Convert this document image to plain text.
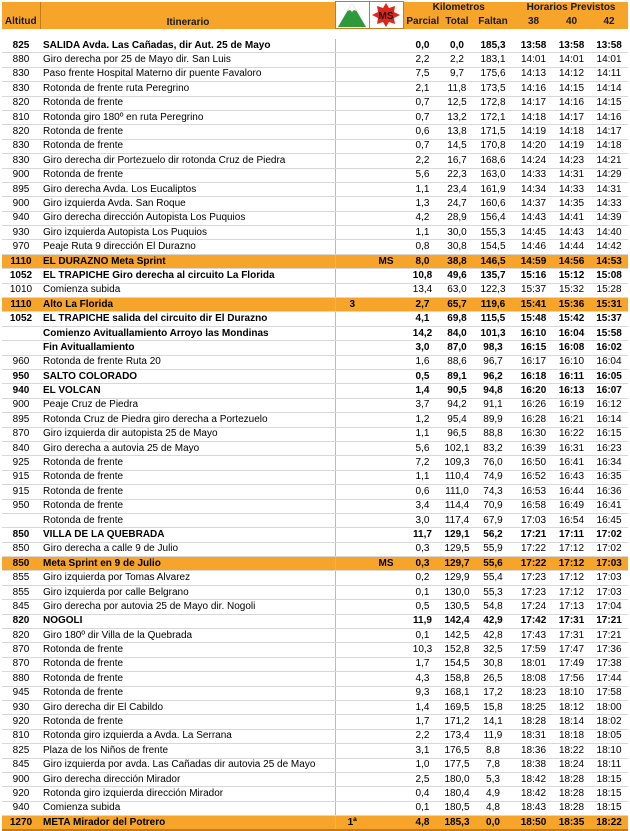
	Itinerario		MS	Kilometros			Horarios Previstos		
Altitud				Parcial	Total	Faltan	38	40	42

825	SALIDA Avda. Las Cañadas, dir Aut. 25 de Mayo			0,0	0,0	185,3	13:58	13:58	13:58
880	Giro derecha por 25 de Mayo dir. San Luis			2,2	2,2	183,1	14:01	14:01	14:01
830	Paso frente Hospital Materno dir puente Favaloro			7,5	9,7	175,6	14:13	14:12	14:11
830	Rotonda de frente ruta Peregrino			2,1	11,8	173,5	14:16	14:15	14:14
820	Rotonda de frente			0,7	12,5	172,8	14:17	14:16	14:15
810	Rotonda giro 180º en ruta Peregrino			0,7	13,2	172,1	14:18	14:17	14:16
820	Rotonda de frente			0,6	13,8	171,5	14:19	14:18	14:17
830	Rotonda de frente			0,7	14,5	170,8	14:20	14:19	14:18
830	Giro derecha dir Portezuelo dir rotonda Cruz de Piedra			2,2	16,7	168,6	14:24	14:23	14:21
900	Rotonda de frente			5,6	22,3	163,0	14:33	14:31	14:29
895	Giro derecha Avda. Los Eucaliptos			1,1	23,4	161,9	14:34	14:33	14:31
900	Giro izquierda Avda. San Roque			1,3	24,7	160,6	14:37	14:35	14:33
940	Giro derecha dirección Autopista Los Puquios			4,2	28,9	156,4	14:43	14:41	14:39
930	Giro izquierda Autopista Los Puquios			1,1	30,0	155,3	14:45	14:43	14:40
970	Peaje Ruta 9 dirección El Durazno			0,8	30,8	154,5	14:46	14:44	14:42
1110	EL DURAZNO Meta Sprint		MS	8,0	38,8	146,5	14:59	14:56	14:53
1052	EL TRAPICHE Giro derecha al circuito La Florida			10,8	49,6	135,7	15:16	15:12	15:08
1010	Comienza subida			13,4	63,0	122,3	15:37	15:32	15:28
1110	Alto La Florida	3		2,7	65,7	119,6	15:41	15:36	15:31
1052	EL TRAPICHE salida del circuito dir El Durazno			4,1	69,8	115,5	15:48	15:42	15:37
	Comienzo Avituallamiento Arroyo las Mondinas			14,2	84,0	101,3	16:10	16:04	15:58
	Fin Avituallamiento			3,0	87,0	98,3	16:15	16:08	16:02
960	Rotonda de frente Ruta 20			1,6	88,6	96,7	16:17	16:10	16:04
950	SALTO COLORADO			0,5	89,1	96,2	16:18	16:11	16:05
940	EL VOLCAN			1,4	90,5	94,8	16:20	16:13	16:07
900	Peaje Cruz de Piedra			3,7	94,2	91,1	16:26	16:19	16:12
895	Rotonda Cruz de Piedra giro derecha a Portezuelo			1,2	95,4	89,9	16:28	16:21	16:14
870	Giro izquierda dir autopista 25 de Mayo			1,1	96,5	88,8	16:30	16:22	16:15
840	Giro derecha a autovia 25 de Mayo			5,6	102,1	83,2	16:39	16:31	16:23
925	Rotonda de frente			7,2	109,3	76,0	16:50	16:41	16:34
915	Rotonda de frente			1,1	110,4	74,9	16:52	16:43	16:35
915	Rotonda de frente			0,6	111,0	74,3	16:53	16:44	16:36
950	Rotonda de frente			3,4	114,4	70,9	16:58	16:49	16:41
	Rotonda de frente			3,0	117,4	67,9	17:03	16:54	16:45
850	VILLA DE LA QUEBRADA			11,7	129,1	56,2	17:21	17:11	17:02
850	Giro derecha a calle 9 de Julio			0,3	129,5	55,9	17:22	17:12	17:02
850	Meta Sprint en 9 de Julio		MS	0,3	129,7	55,6	17:22	17:12	17:03
855	Giro izquierda por Tomas Alvarez			0,2	129,9	55,4	17:23	17:12	17:03
855	Giro izquierda por calle Belgrano			0,1	130,0	55,3	17:23	17:12	17:03
845	Giro derecha por autovia 25 de Mayo dir. Nogoli			0,5	130,5	54,8	17:24	17:13	17:04
820	NOGOLI			11,9	142,4	42,9	17:42	17:31	17:21
820	Giro 180º dir Villa de la Quebrada			0,1	142,5	42,8	17:43	17:31	17:21
870	Rotonda de frente			10,3	152,8	32,5	17:59	17:47	17:36
870	Rotonda de frente			1,7	154,5	30,8	18:01	17:49	17:38
880	Rotonda de frente			4,3	158,8	26,5	18:08	17:56	17:44
945	Rotonda de frente			9,3	168,1	17,2	18:23	18:10	17:58
930	Giro derecha dir El Cabildo			1,4	169,5	15,8	18:25	18:12	18:00
920	Rotonda de frente			1,7	171,2	14,1	18:28	18:14	18:02
810	Rotonda giro izquierda a Avda. La Serrana			2,2	173,4	11,9	18:31	18:18	18:05
825	Plaza de los Niños de frente			3,1	176,5	8,8	18:36	18:22	18:10
845	Giro izquierda por avda. Las Cañadas dir autovia 25 de Mayo			1,0	177,5	7,8	18:38	18:24	18:11
900	Giro derecha dirección Mirador			2,5	180,0	5,3	18:42	18:28	18:15
920	Rotonda giro izquierda dirección Mirador			0,4	180,4	4,9	18:42	18:28	18:15
940	Comienza subida			0,1	180,5	4,8	18:43	18:28	18:15
1270	META Mirador del Potrero	1ª		4,8	185,3	0,0	18:50	18:35	18:22
